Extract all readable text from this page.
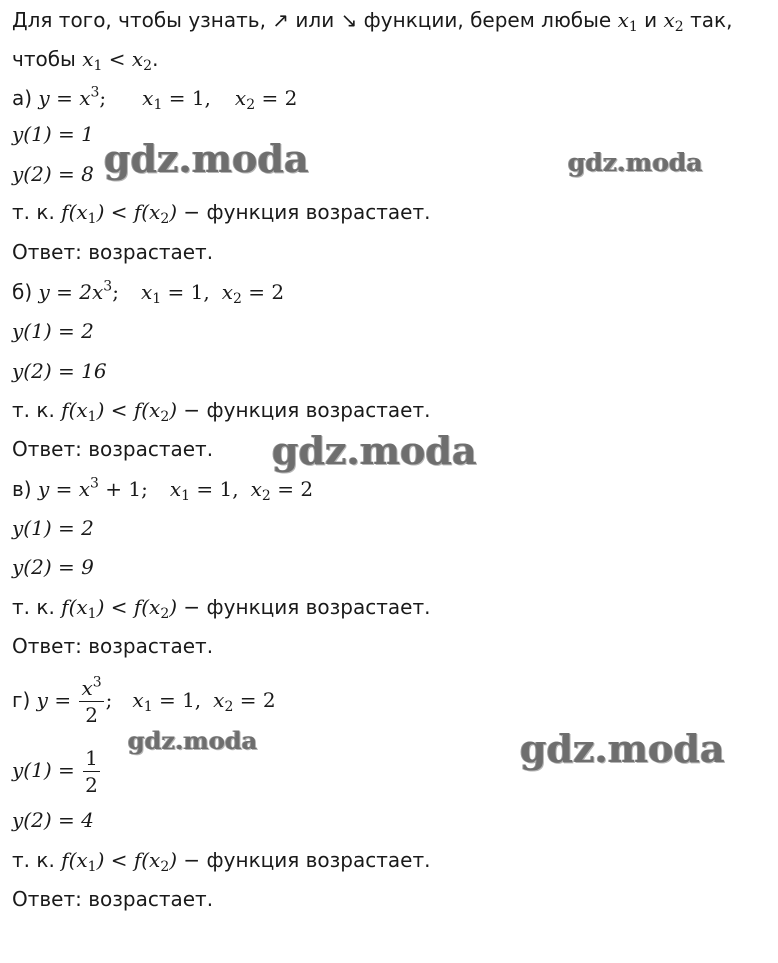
Для того, чтобы узнать, ↗ или ↘ функции, берем любые $x_1$ и $x_2$ так,
чтобы $x_1 < x_2$.
а) $y = x^3$; $x_1 = 1$, $x_2 = 2$
y(1) = 1
y(2) = 8
т. к. $f(x_1) < f(x_2)$ − функция возрастает.
Ответ: возрастает.
б) $y = 2x^3$; $x_1 = 1$, $x_2 = 2$
y(1) = 2
y(2) = 16
т. к. $f(x_1) < f(x_2)$ − функция возрастает.
Ответ: возрастает.
в) $y = x^3 + 1$; $x_1 = 1$, $x_2 = 2$
y(1) = 2
y(2) = 9
т. к. $f(x_1) < f(x_2)$ − функция возрастает.
Ответ: возрастает.
г) $y = \frac{x^3}{2}$ ; $x_1 = 1$, $x_2 = 2$
$y(1) = \frac{1}{2}$
y(2) = 4
т. к. $f(x_1) < f(x_2)$ − функция возрастает.
Ответ: возрастает.
gdz.moda	gdz.moda
gdz.moda
gdz.moda	gdz.moda
